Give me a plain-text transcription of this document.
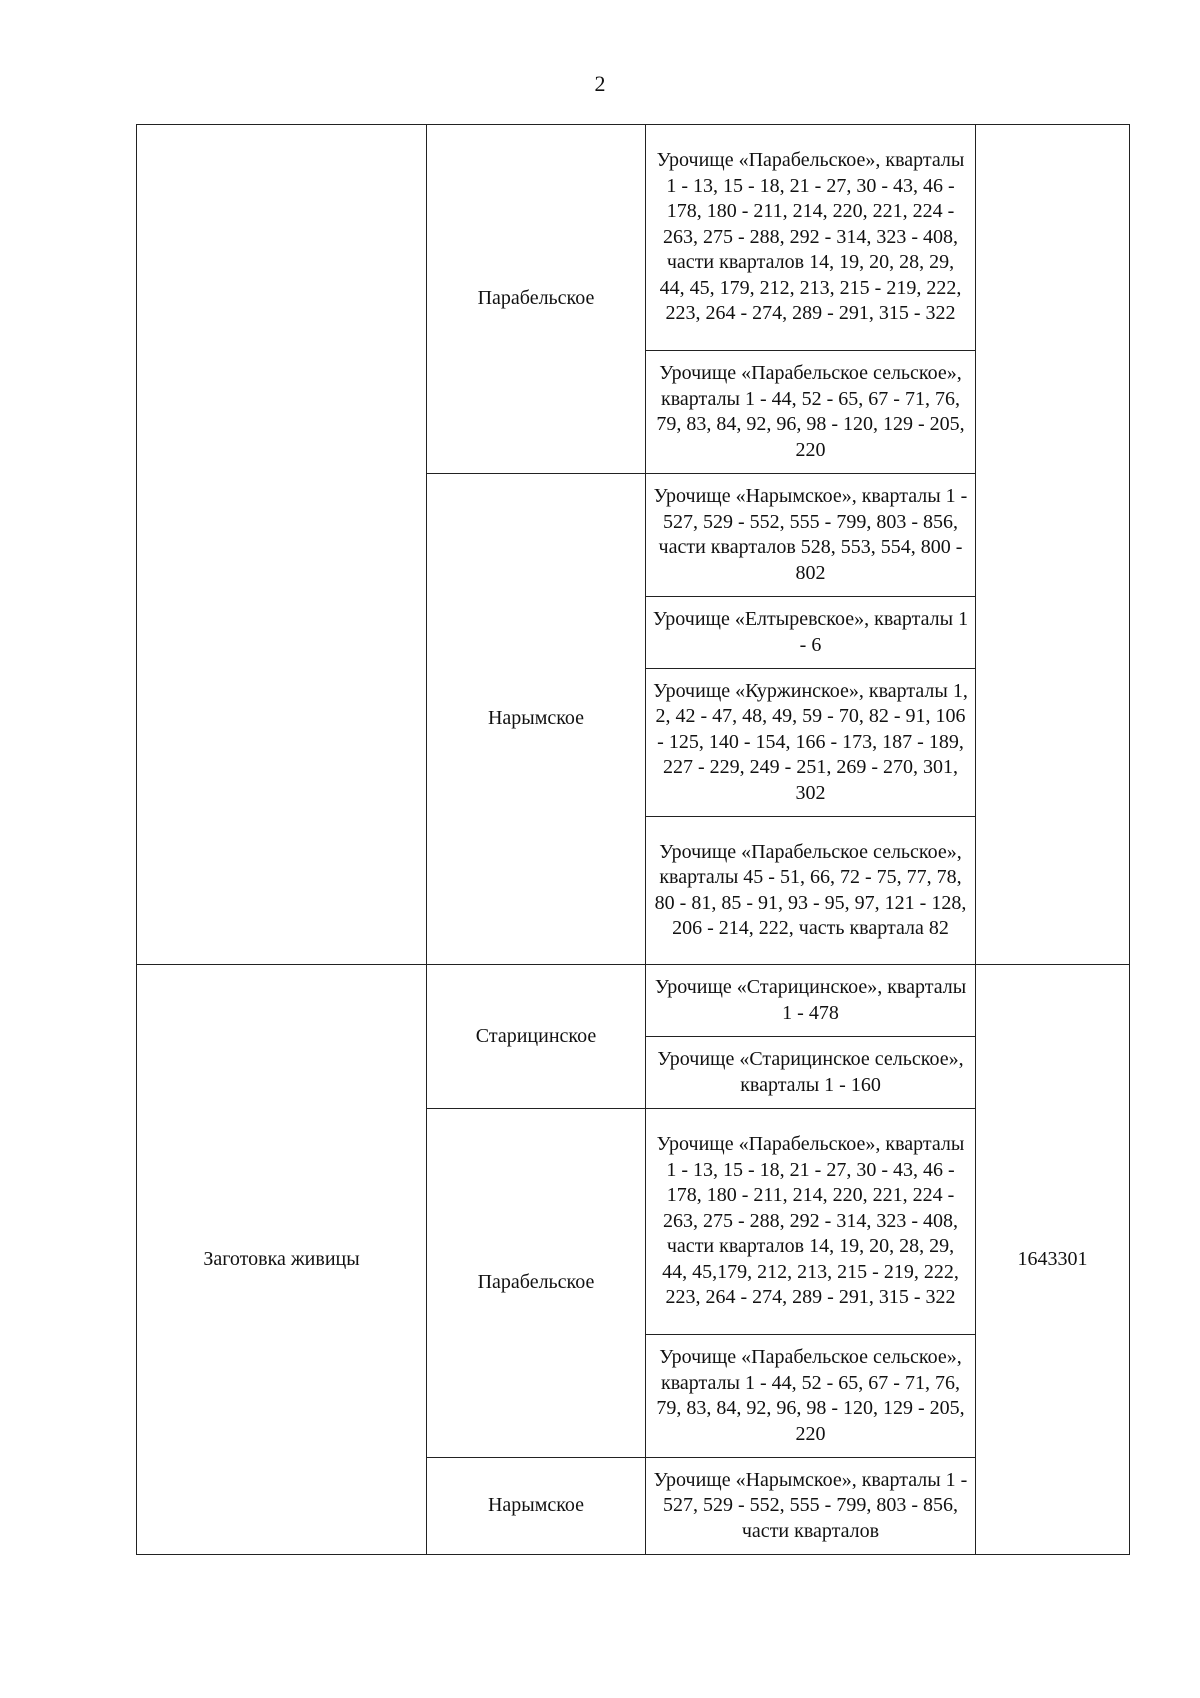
2
	Парабельское	Урочище «Парабельское», кварталы 1 - 13, 15 - 18, 21 - 27, 30 - 43, 46 - 178, 180 - 211, 214, 220, 221, 224 - 263, 275 - 288, 292 - 314, 323 - 408, части кварталов 14, 19, 20, 28, 29, 44, 45, 179, 212, 213, 215 - 219, 222, 223, 264 - 274, 289 - 291, 315 - 322	
		Урочище «Парабельское сельское», кварталы 1 - 44, 52 - 65, 67 - 71, 76, 79, 83, 84, 92, 96, 98 - 120, 129 - 205, 220	
	Нарымское	Урочище «Нарымское», кварталы 1 - 527, 529 - 552, 555 - 799, 803 - 856, части кварталов 528, 553, 554, 800 - 802	
		Урочище «Елтыревское», кварталы 1 - 6	
		Урочище «Куржинское», кварталы 1, 2, 42 - 47, 48, 49, 59 - 70, 82 - 91, 106 - 125, 140 - 154, 166 - 173, 187 - 189, 227 - 229, 249 - 251, 269 - 270, 301, 302	
		Урочище «Парабельское сельское», кварталы 45 - 51, 66, 72 - 75, 77, 78, 80 - 81, 85 - 91, 93 - 95, 97, 121 - 128, 206 - 214, 222, часть квартала 82	
Заготовка живицы	Старицинское	Урочище «Старицинское», кварталы 1 - 478	1643301
		Урочище «Старицинское сельское», кварталы 1 - 160	
	Парабельское	Урочище «Парабельское», кварталы 1 - 13, 15 - 18, 21 - 27, 30 - 43, 46 - 178, 180 - 211, 214, 220, 221, 224 - 263, 275 - 288, 292 - 314, 323 - 408, части кварталов 14, 19, 20, 28, 29, 44, 45,179, 212, 213, 215 - 219, 222, 223, 264 - 274, 289 - 291, 315 - 322	
		Урочище «Парабельское сельское», кварталы 1 - 44, 52 - 65, 67 - 71, 76, 79, 83, 84, 92, 96, 98 - 120, 129 - 205, 220	
	Нарымское	Урочище «Нарымское», кварталы 1 - 527, 529 - 552, 555 - 799, 803 - 856, части кварталов	
